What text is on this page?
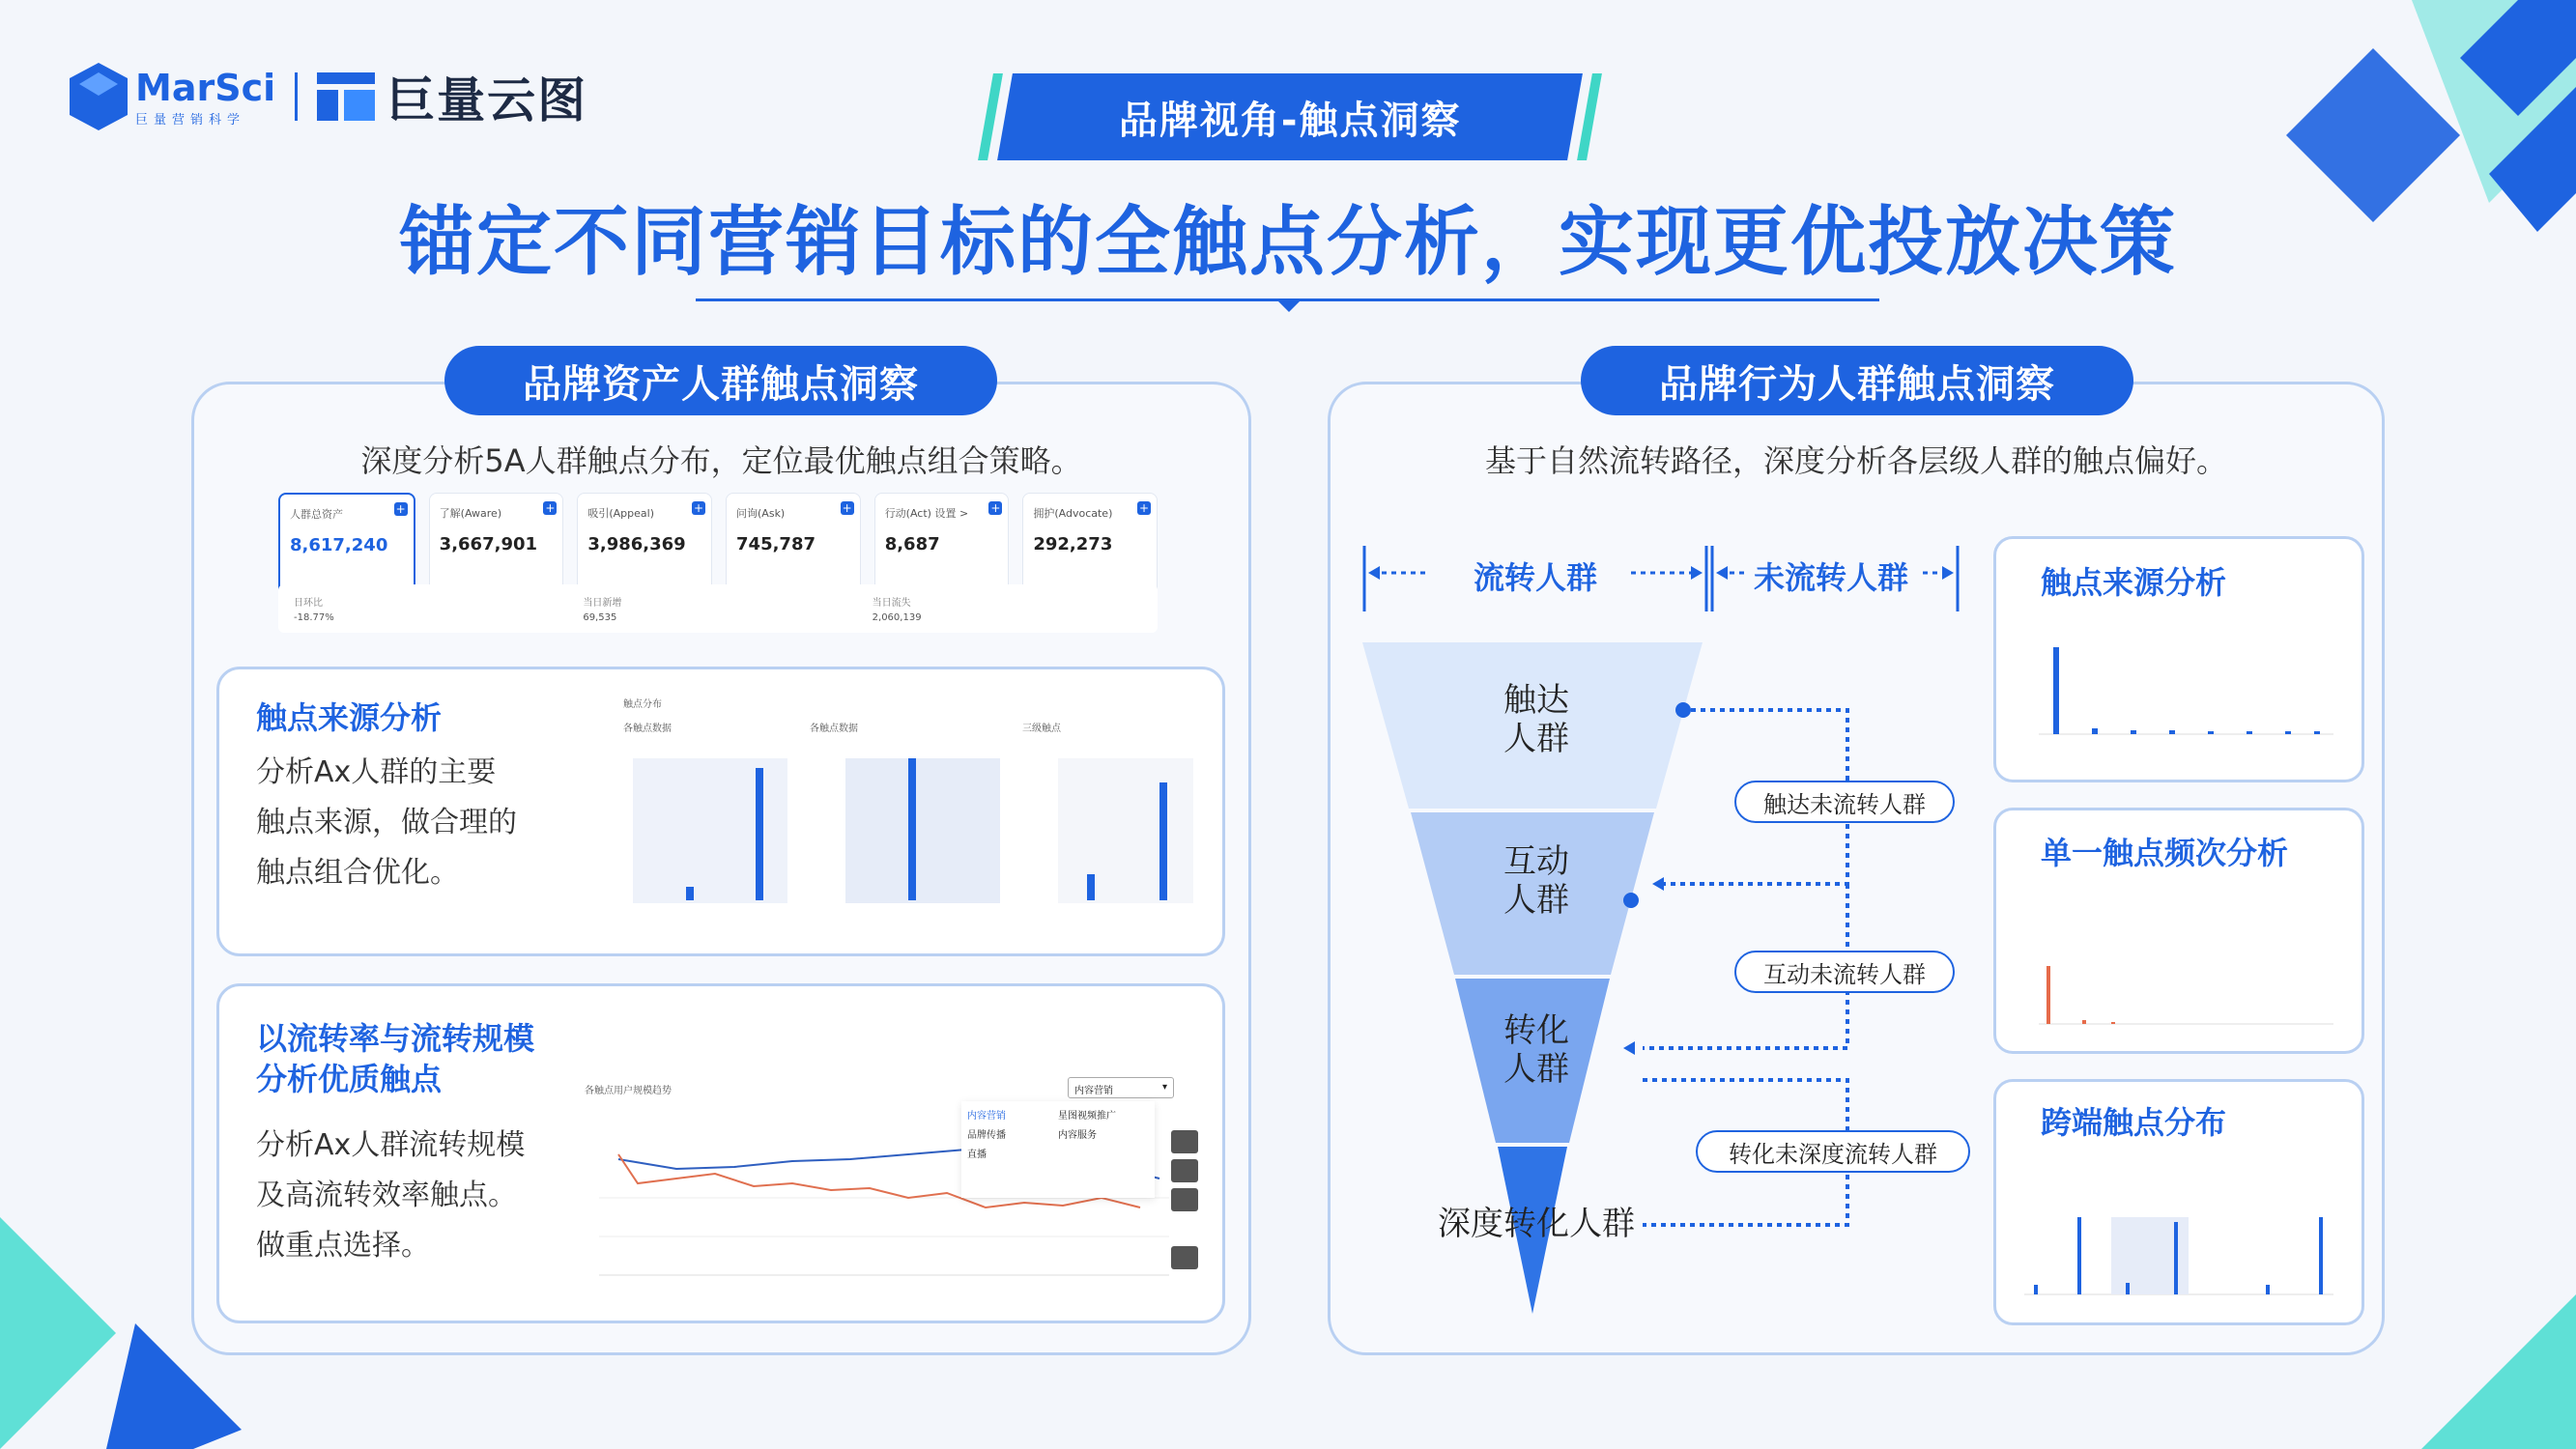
MarSci
巨量营销科学	巨量云图	品牌视角-触点洞察
锚定不同营销目标的全触点分析，实现更优投放决策
品牌资产人群触点洞察
深度分析5A人群触点分布，定位最优触点组合策略。
人群总资产
8,617,240
+	了解(Aware)
3,667,901
+	吸引(Appeal)
3,986,369
+	问询(Ask)
745,787
+	行动(Act) 设置 >
8,687
+	拥护(Advocate)
292,273
+
日环比
-18.77%
当日新增
69,535
当日流失
2,060,139
触点来源分析
分析Ax人群的主要
触点来源，做合理的
触点组合优化。
触点分布
各触点数据	各触点数据	三级触点
以流转率与流转规模
分析优质触点
分析Ax人群流转规模
及高流转效率触点。
做重点选择。
各触点用户规模趋势	内容营销	▾
内容营销
品牌传播
直播
星图视频推广
内容服务
品牌行为人群触点洞察
基于自然流转路径，深度分析各层级人群的触点偏好。
流转人群	未流转人群
触达
人群
互动
人群
转化
人群
深度转化人群
触达未流转人群
互动未流转人群
转化未深度流转人群
触点来源分析
单一触点频次分析
跨端触点分布
